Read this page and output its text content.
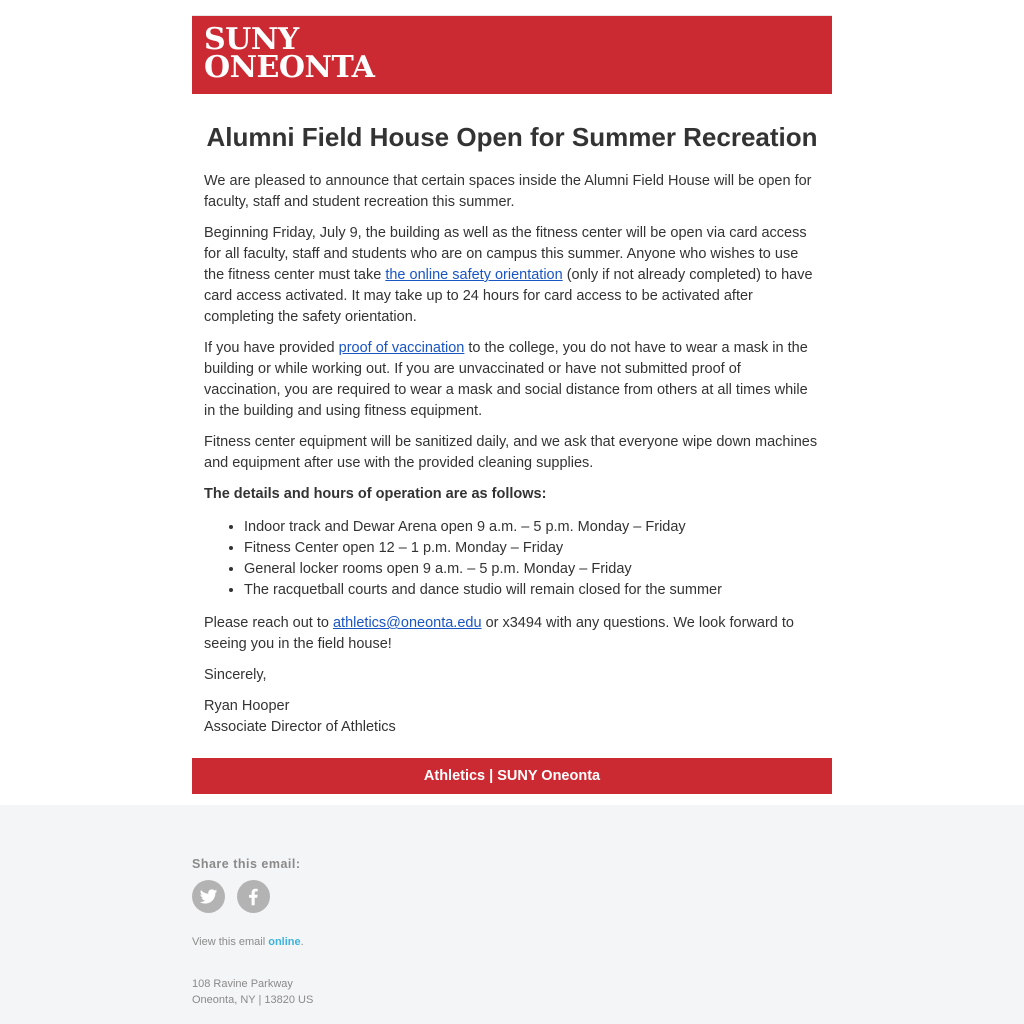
SUNY
ONEONTA
Alumni Field House Open for Summer Recreation

We are pleased to announce that certain spaces inside the Alumni Field House will be open for faculty, staff and student recreation this summer.

Beginning Friday, July 9, the building as well as the fitness center will be open via card access for all faculty, staff and students who are on campus this summer. Anyone who wishes to use the fitness center must take the online safety orientation (only if not already completed) to have card access activated. It may take up to 24 hours for card access to be activated after completing the safety orientation.

If you have provided proof of vaccination to the college, you do not have to wear a mask in the building or while working out. If you are unvaccinated or have not submitted proof of vaccination, you are required to wear a mask and social distance from others at all times while in the building and using fitness equipment.

Fitness center equipment will be sanitized daily, and we ask that everyone wipe down machines and equipment after use with the provided cleaning supplies.

The details and hours of operation are as follows:

• Indoor track and Dewar Arena open 9 a.m. – 5 p.m. Monday – Friday
• Fitness Center open 12 – 1 p.m. Monday – Friday
• General locker rooms open 9 a.m. – 5 p.m. Monday – Friday
• The racquetball courts and dance studio will remain closed for the summer

Please reach out to athletics@oneonta.edu or x3494 with any questions. We look forward to seeing you in the field house!

Sincerely,

Ryan Hooper
Associate Director of Athletics

Athletics | SUNY Oneonta
Share this email:

View this email online.
108 Ravine Parkway
Oneonta, NY | 13820 US
